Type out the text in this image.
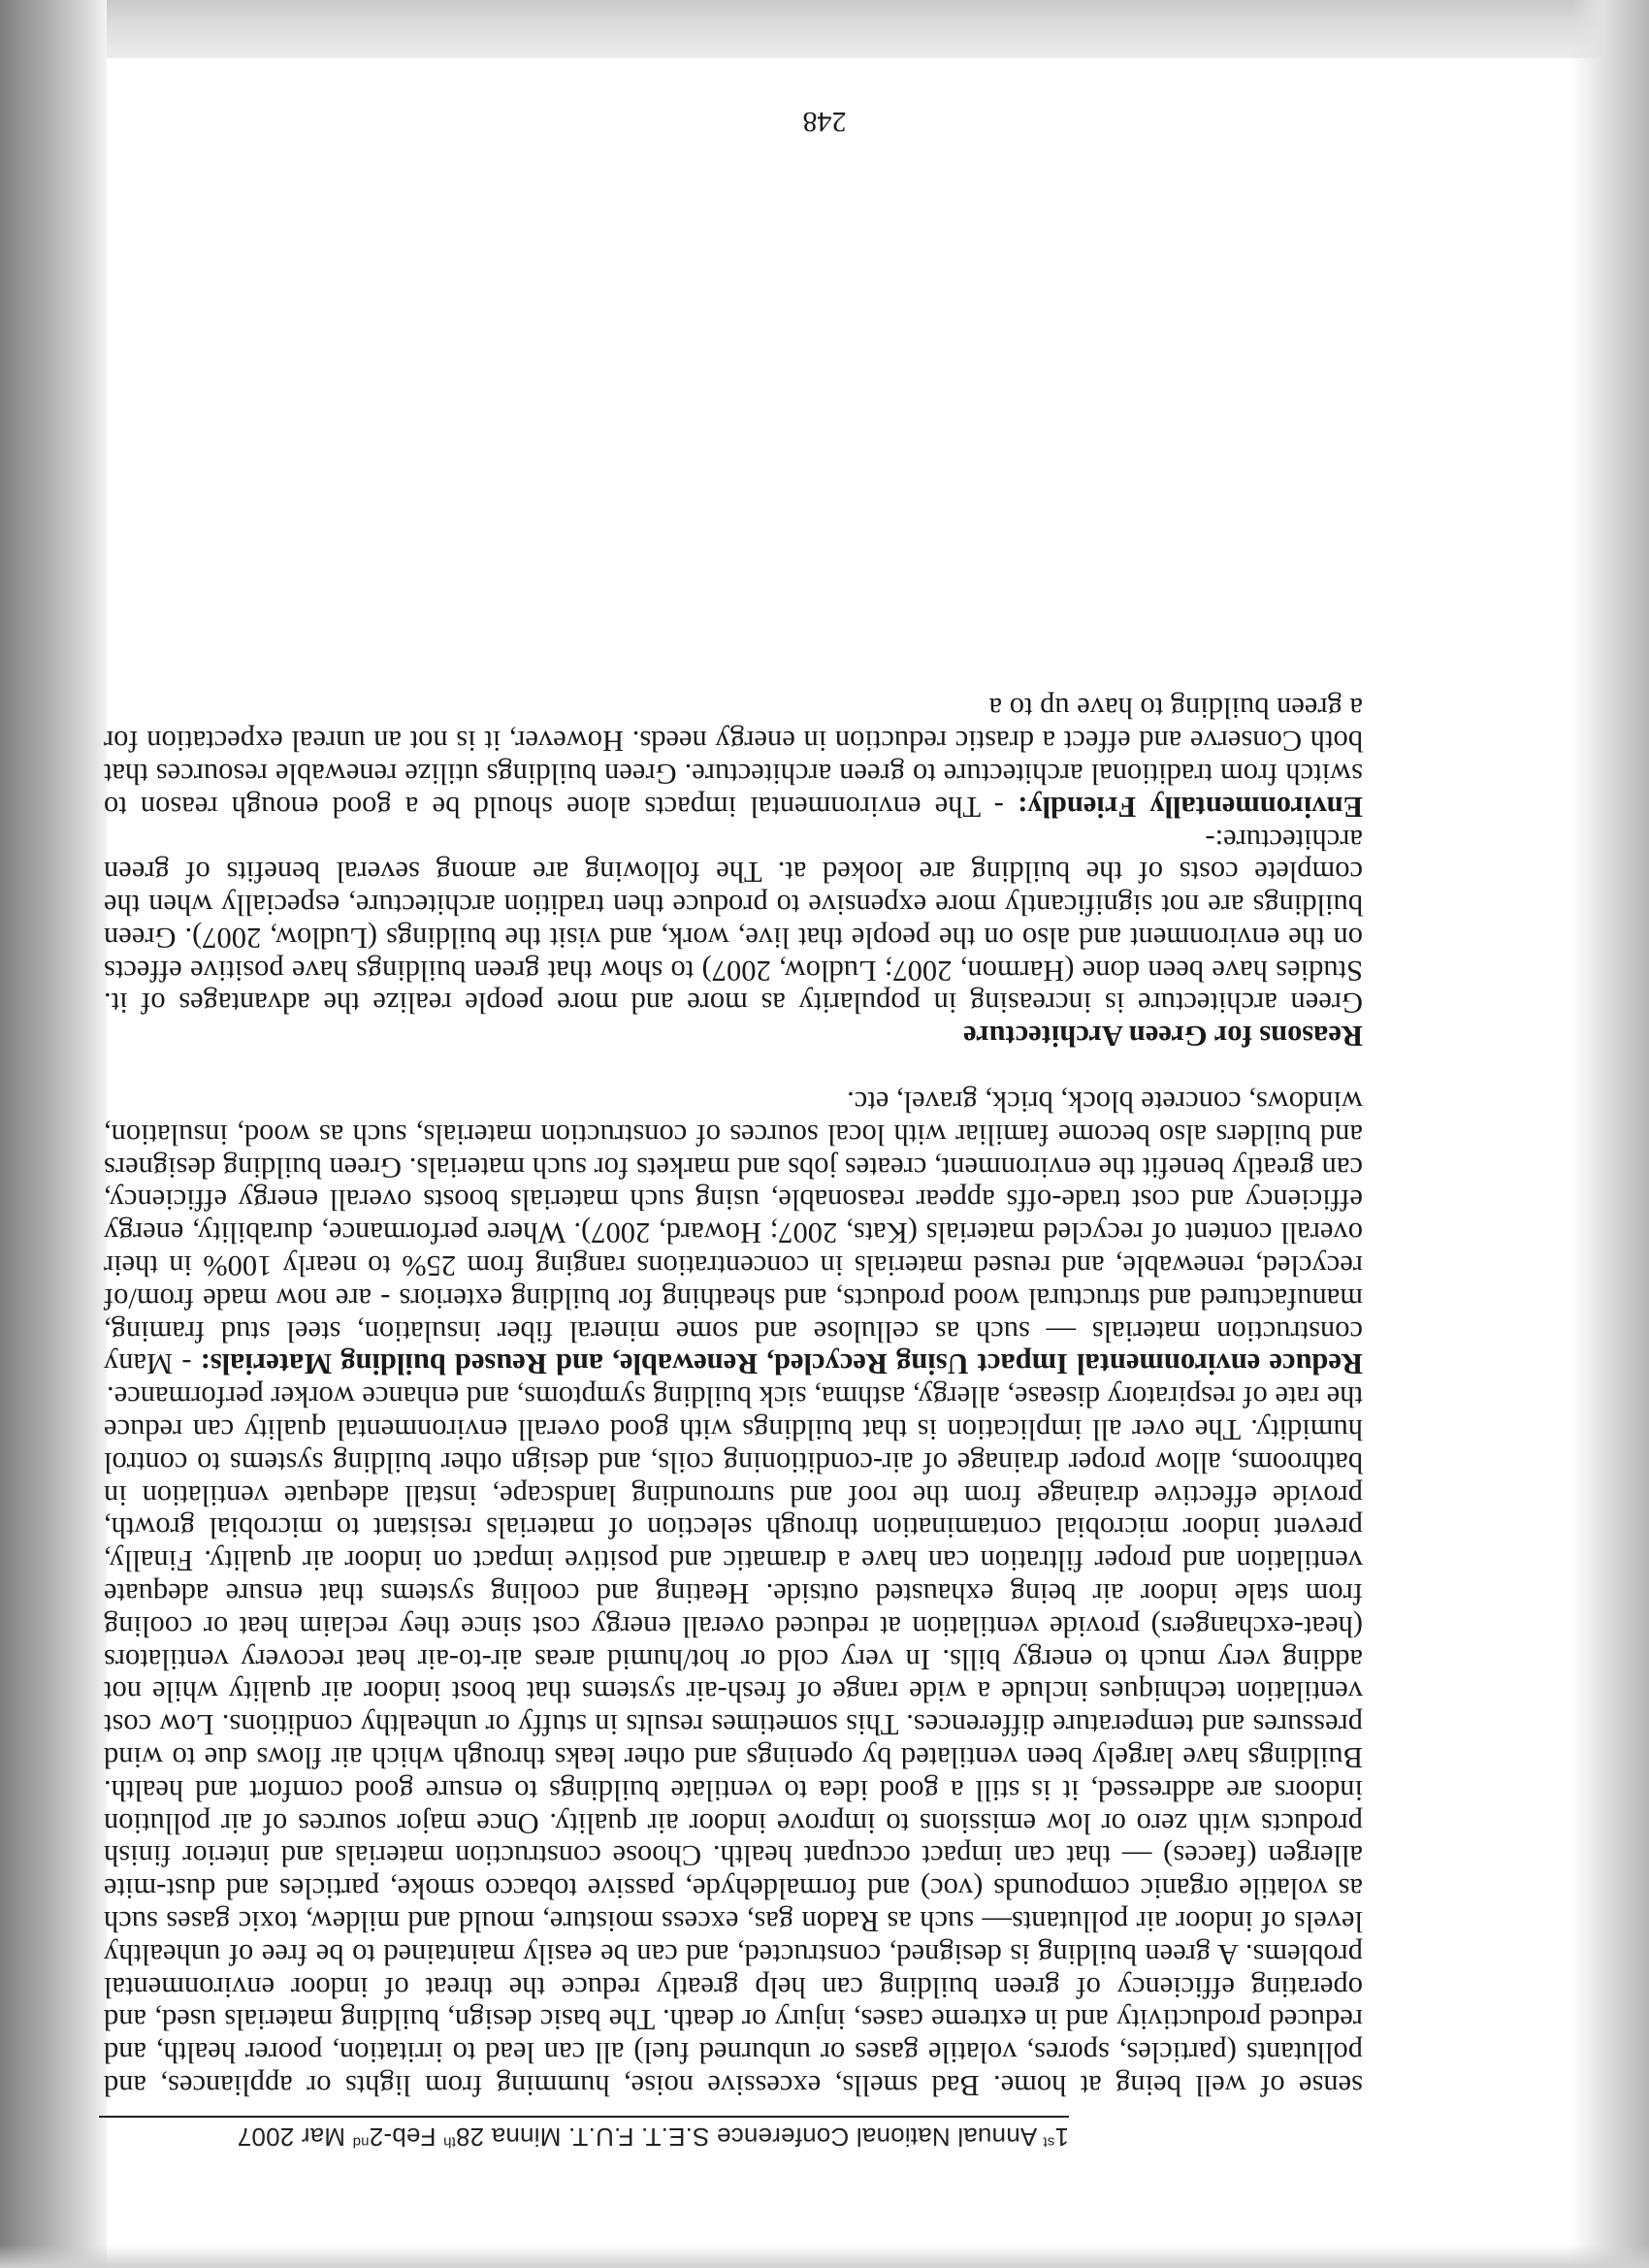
1st Annual National Conference S.E.T. F.U.T. Minna 28th Feb-2nd Mar 2007

sense of well being at home. Bad smells, excessive noise, humming from lights or appliances, and pollutants (particles, spores, volatile gases or unburned fuel) all can lead to irritation, poorer health, and reduced productivity and in extreme cases, injury or death. The basic design, building materials used, and operating efficiency of green building can help greatly reduce the threat of indoor environmental problems. A green building is designed, constructed, and can be easily maintained to be free of unhealthy levels of indoor air pollutants— such as Radon gas, excess moisture, mould and mildew, toxic gases such as volatile organic compounds (voc) and formaldehyde, passive tobacco smoke, particles and dust-mite allergen (faeces) — that can impact occupant health. Choose construction materials and interior finish products with zero or low emissions to improve indoor air quality. Once major sources of air pollution indoors are addressed, it is still a good idea to ventilate buildings to ensure good comfort and health. Buildings have largely been ventilated by openings and other leaks through which air flows due to wind pressures and temperature differences. This sometimes results in stuffy or unhealthy conditions. Low cost ventilation techniques include a wide range of fresh-air systems that boost indoor air quality while not adding very much to energy bills. In very cold or hot/humid areas air-to-air heat recovery ventilators (heat-exchangers) provide ventilation at reduced overall energy cost since they reclaim heat or cooling from stale indoor air being exhausted outside. Heating and cooling systems that ensure adequate ventilation and proper filtration can have a dramatic and positive impact on indoor air quality. Finally, prevent indoor microbial contamination through selection of materials resistant to microbial growth, provide effective drainage from the roof and surrounding landscape, install adequate ventilation in bathrooms, allow proper drainage of air-conditioning coils, and design other building systems to control humidity. The over all implication is that buildings with good overall environmental quality can reduce the rate of respiratory disease, allergy, asthma, sick building symptoms, and enhance worker performance.

Reduce environmental Impact Using Recycled, Renewable, and Reused building Materials: - Many construction materials — such as cellulose and some mineral fiber insulation, steel stud framing, manufactured and structural wood products, and sheathing for building exteriors - are now made from/of recycled, renewable, and reused materials in concentrations ranging from 25% to nearly 100% in their overall content of recycled materials (Kats, 2007; Howard, 2007). Where performance, durability, energy efficiency and cost trade-offs appear reasonable, using such materials boosts overall energy efficiency, can greatly benefit the environment, creates jobs and markets for such materials. Green building designers and builders also become familiar with local sources of construction materials, such as wood, insulation, windows, concrete block, brick, gravel, etc.

Reasons for Green Architecture

Green architecture is increasing in popularity as more and more people realize the advantages of it. Studies have been done (Harmon, 2007; Ludlow, 2007) to show that green buildings have positive effects on the environment and also on the people that live, work, and visit the buildings (Ludlow, 2007). Green buildings are not significantly more expensive to produce then tradition architecture, especially when the complete costs of the building are looked at. The following are among several benefits of green architecture:-

Environmentally Friendly: - The environmental impacts alone should be a good enough reason to switch from traditional architecture to green architecture. Green buildings utilize renewable resources that both Conserve and effect a drastic reduction in energy needs. However, it is not an unreal expectation for a green building to have up to a

248
